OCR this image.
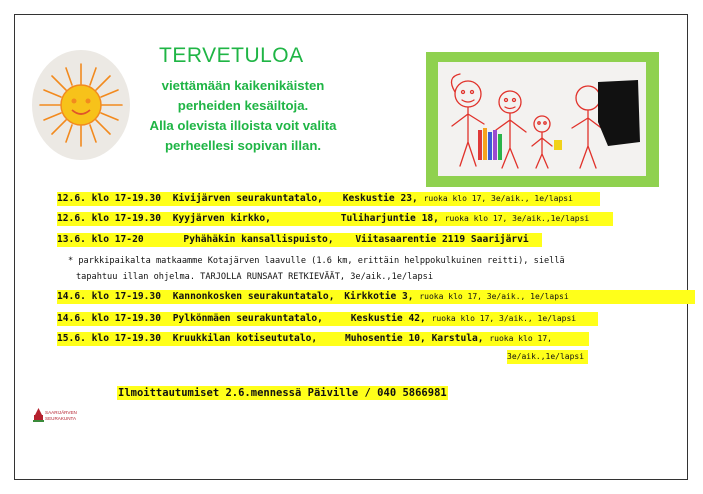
TERVETULOA
viettämään kaikenikäisten
perheiden kesäiltoja.
Alla olevista illoista voit valita
perheellesi sopivan illan.
12.6. klo 17-19.30 Kivijärven seurakuntatalo, Keskustie 23, ruoka klo 17, 3e/aik., 1e/lapsi
12.6. klo 17-19.30 Kyyjärven kirkko,	Tuliharjuntie 18, ruoka klo 17, 3e/aik.,1e/lapsi
13.6. klo 17-20	Pyhähäkin kansallispuisto, Viitasaarentie 2119 Saarijärvi
* parkkipaikalta matkaamme Kotajärven laavulle (1.6 km, erittäin helppokulkuinen reitti), siellä
tapahtuu illan ohjelma. TARJOLLA RUNSAAT RETKIEVÄÄT, 3e/aik.,1e/lapsi
14.6. klo 17-19.30 Kannonkosken seurakuntatalo, Kirkkotie 3, ruoka klo 17, 3e/aik., 1e/lapsi
14.6. klo 17-19.30 Pylkönmäen seurakuntatalo,	Keskustie 42, ruoka klo 17, 3/aik., 1e/lapsi
15.6. klo 17-19.30 Kruukkilan kotiseututalo,	Muhosentie 10, Karstula, ruoka klo 17,
3e/aik.,1e/lapsi
Ilmoittautumiset 2.6.mennessä Päiville / 040 5866981
SAARIJÄRVEN
SEURAKUNTA
